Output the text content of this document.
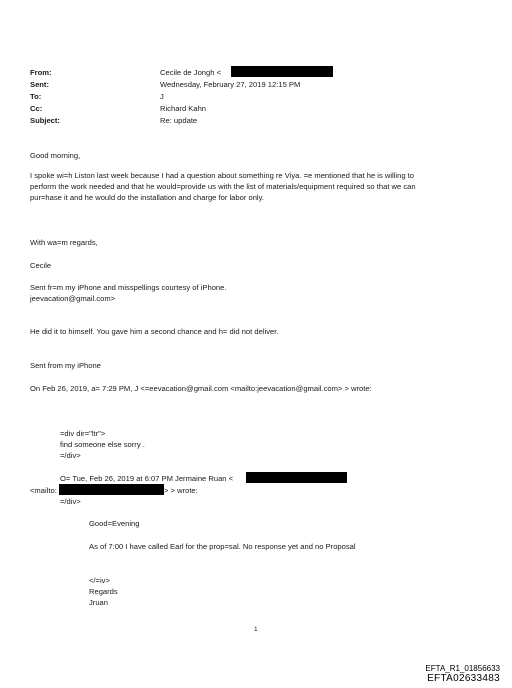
From:
Sent:
To:
Cc:
Subject:
Cecile de Jongh <
Wednesday, February 27, 2019 12:15 PM
J
Richard Kahn
Re: update
Good morning,
I spoke wi=h Liston last week because I had a question about something re Viya. =e mentioned that he is willing to
perform the work needed and that he would=provide us with the list of materials/equipment required so that we can
pur=hase it and he would do the installation and charge for labor only.
With wa=m regards,
Cecile
Sent fr=m my iPhone and misspellings courtesy of iPhone.
jeevacation@gmail.com>
He did it to himself. You gave him a second chance and h= did not deliver.
Sent from my iPhone
On Feb 26, 2019, a= 7:29 PM, J <=eevacation@gmail.com <mailto:jeevacation@gmail.com> > wrote:
=div dir="ltr">
find someone else sorry .
=/div>
O= Tue, Feb 26, 2019 at 6:07 PM Jermaine Ruan <
<mailto:	> > wrote:
=/div>
Good=Evening
As of 7:00 I have called Earl for the prop=sal. No response yet and no Proposal
</=iv>
Regards
Jruan
1
EFTA_R1_01856633
EFTA02633483
